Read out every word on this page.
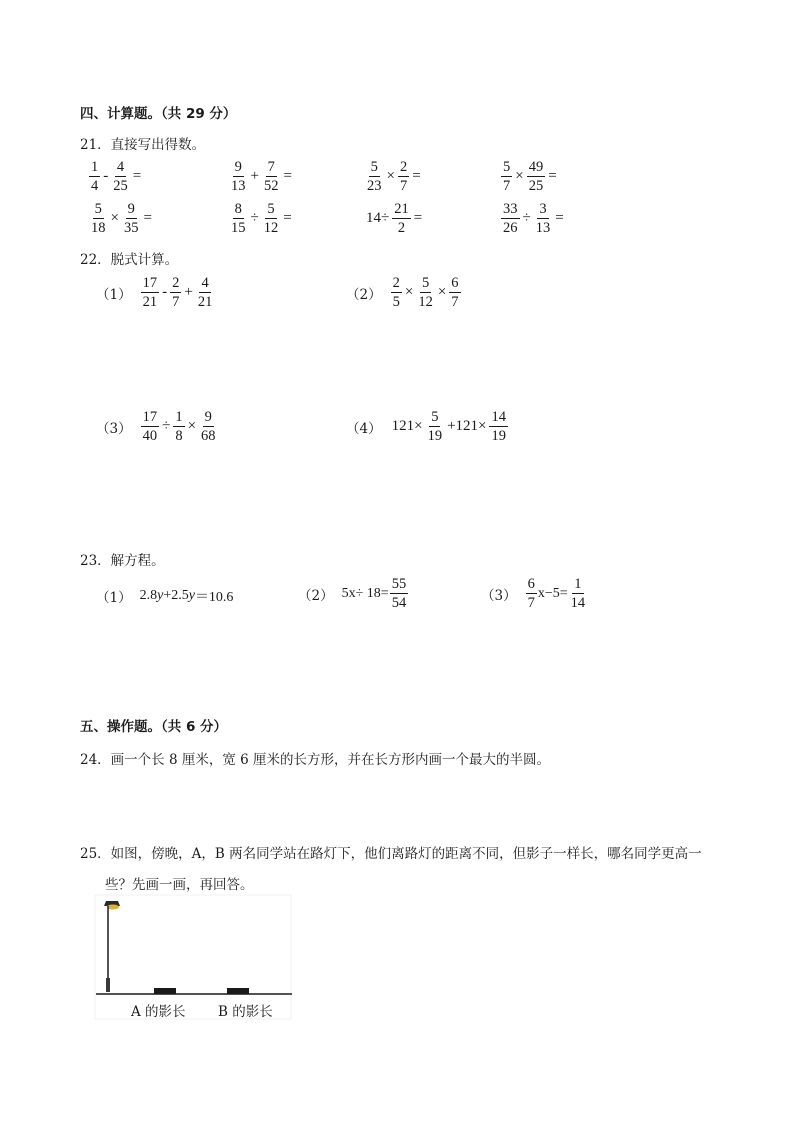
四、计算题。（共 29 分）
21．直接写出得数。
$\frac{1}{4} - \frac{4}{25}$ =	$\frac{9}{13} + \frac{7}{52}$ =	$\frac{5}{23} \times \frac{2}{7}$ =	$\frac{5}{7} \times \frac{49}{25}$ =
$\frac{5}{18} \times \frac{9}{35}$ =	$\frac{8}{15} \div \frac{5}{12}$ =	$14\div \frac{21}{2}$ =	$\frac{33}{26} \div \frac{3}{13}$ =
22．脱式计算。
$(1) \frac{17}{21} - \frac{2}{7} + \frac{4}{21}$	$(2) \frac{2}{5} \times \frac{5}{12} \times \frac{6}{7}$
$(3) \frac{17}{40} \div \frac{1}{8} \times \frac{9}{68}$	（4） $121\times \frac{5}{19} +121\times \frac{14}{19}$
23．解方程。
（1） 2.8 y +2.5 y ＝10.6	（2） $5x\div 18= \frac{55}{54}$	$(3) \frac{6}{7} x-5= \frac{1}{14}$
五、操作题。（共 6 分）
24．画一个长 8 厘米，宽 6 厘米的长方形，并在长方形内画一个最大的半圆。
25．如图，傍晚，A，B 两名同学站在路灯下，他们离路灯的距离不同，但影子一样长，哪名同学更高一
些？先画一画，再回答。
A 的影长 B 的影长
